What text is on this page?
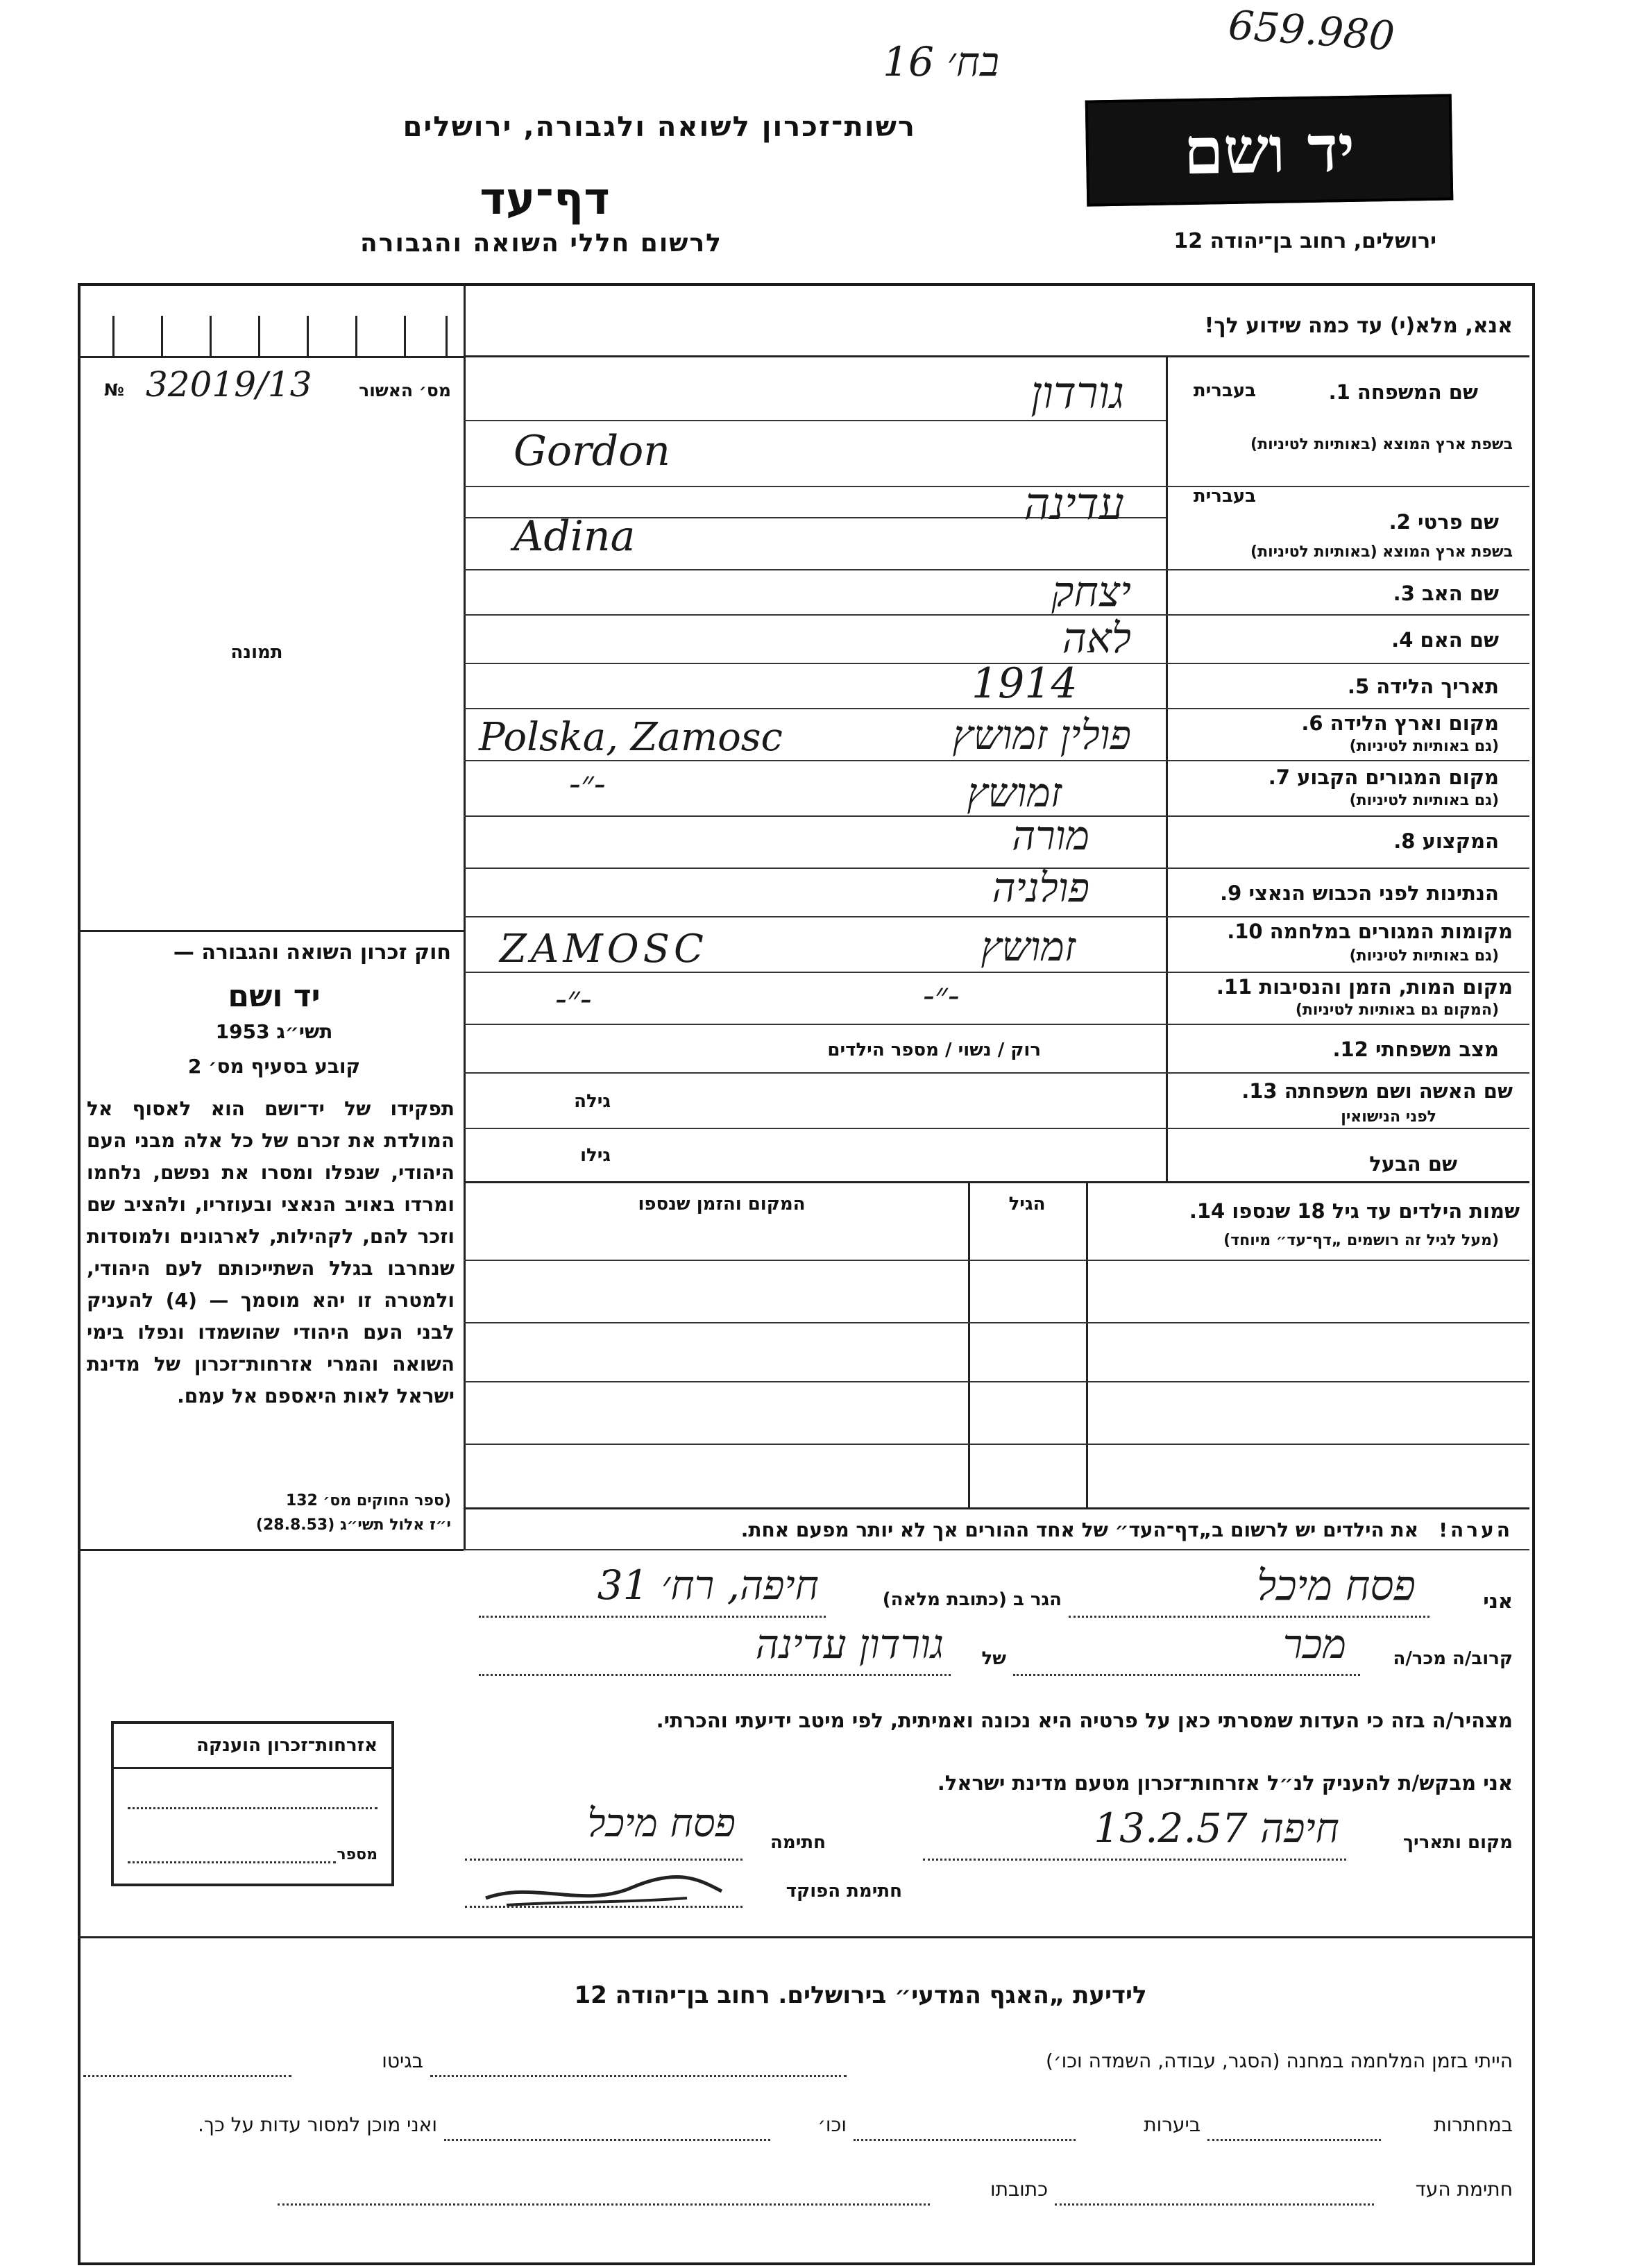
659.980
בח׳ 16
רשות־זכרון לשואה ולגבורה, ירושלים
דף־עד
לרשום חללי השואה והגבורה
יד ושם
ירושלים, רחוב בן־יהודה 12
№ 32019/13	מס׳ האשור
תמונה
חוק זכרון השואה והגבורה —
יד ושם
תשי״ג 1953
קובע בסעיף מס׳ 2
תפקידו של יד־ושם הוא לאסוף אל המולדת את זכרם של כל אלה מבני העם היהודי, שנפלו ומסרו את נפשם, נלחמו ומרדו באויב הנאצי ובעוזריו, ולהציב שם וזכר להם, לקהילות, לארגונים ולמוסדות שנחרבו בגלל השתייכותם לעם היהודי, ולמטרה זו יהא מוסמך — (4) להעניק לבני העם היהודי שהושמדו ונפלו בימי השואה והמרי אזרחות־זכרון של מדינת ישראל לאות היאספם אל עמם.
(ספר החוקים מס׳ 132
י״ז אלול תשי״ג (28.8.53)
אנא, מלא(י) עד כמה שידוע לך!
שם המשפחה 1.
בשפת ארץ המוצא (באותיות לטיניות)
בעברית
גורדון
Gordon
בעברית
שם פרטי 2.
בשפת ארץ המוצא (באותיות לטיניות)
עדינה
Adina
שם האב 3.
יצחק
שם האם 4.
לאה
תאריך הלידה 5.
1914
מקום וארץ הלידה 6.
(גם באותיות לטיניות)
פולין זמושץ
Polska, Zamosc
מקום המגורים הקבוע 7.
(גם באותיות לטיניות)
זמושץ
-״-
המקצוע 8.
מורה
הנתינות לפני הכבוש הנאצי 9.
פולניה
מקומות המגורים במלחמה 10.
(גם באותיות לטיניות)
זמושץ
ZAMOSC
מקום המות, הזמן והנסיבות 11.
(המקום גם באותיות לטיניות)
-״-
-״-
מצב משפחתי 12.
רוק / נשוי / מספר הילדים
שם האשה ושם משפחתה 13.
לפני הנישואין
גילה
שם הבעל
גילו
שמות הילדים עד גיל 18 שנספו 14.
(מעל לגיל זה רושמים „דף־עד״ מיוחד)
הגיל
המקום והזמן שנספו
הערה!   את הילדים יש לרשום ב„דף־העד״ של אחד ההורים אך לא יותר מפעם אחת.
אני
פסח מיכל
הגר ב (כתובת מלאה)
חיפה, רח׳ 31
קרוב/ה מכר/ה
מכר
של
גורדון עדינה
מצהיר/ה בזה כי העדות שמסרתי כאן על פרטיה היא נכונה ואמיתית, לפי מיטב ידיעתי והכרתי.
אני מבקש/ת להעניק לנ״ל אזרחות־זכרון מטעם מדינת ישראל.
מקום ותאריך
חיפה 13.2.57
חתימה
פסח מיכל
חתימת הפוקד
אזרחות־זכרון הוענקה
מספר
לידיעת „האגף המדעי״ בירושלים. רחוב בן־יהודה 12
הייתי בזמן המלחמה במחנה (הסגר, עבודה, השמדה וכו׳)
בגיטו
במחתרות
ביערות
וכו׳
ואני מוכן למסור עדות על כך.
חתימת העד
כתובתו
